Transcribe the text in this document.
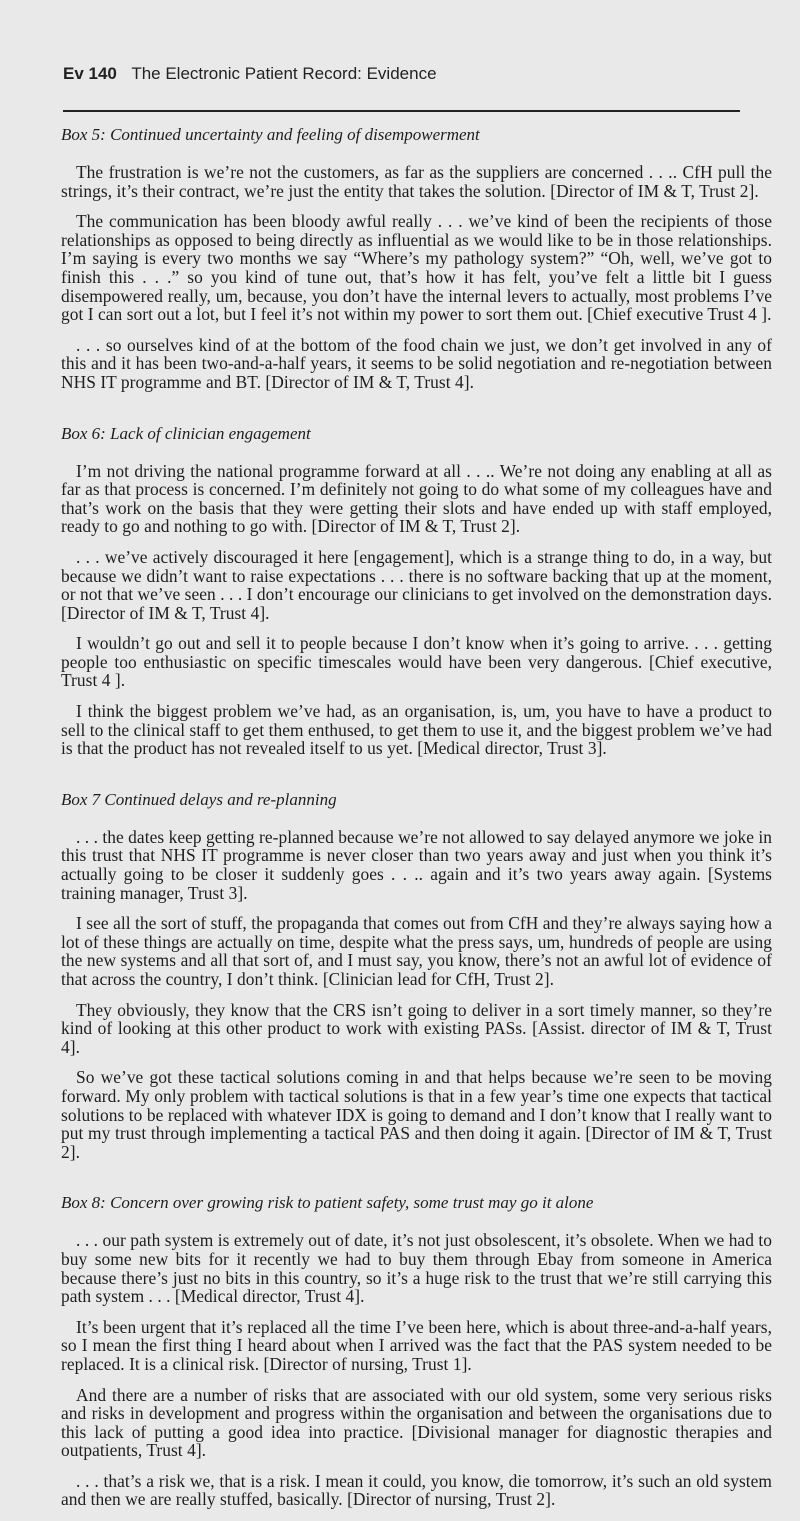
Ev 140 The Electronic Patient Record: Evidence

Box 5: Continued uncertainty and feeling of disempowerment

The frustration is we’re not the customers, as far as the suppliers are concerned . . .. CfH pull the strings, it’s their contract, we’re just the entity that takes the solution. [Director of IM & T, Trust 2].

The communication has been bloody awful really . . . we’ve kind of been the recipients of those relationships as opposed to being directly as influential as we would like to be in those relationships. I’m saying is every two months we say “Where’s my pathology system?” “Oh, well, we’ve got to finish this . . .” so you kind of tune out, that’s how it has felt, you’ve felt a little bit I guess disempowered really, um, because, you don’t have the internal levers to actually, most problems I’ve got I can sort out a lot, but I feel it’s not within my power to sort them out. [Chief executive Trust 4 ].

. . . so ourselves kind of at the bottom of the food chain we just, we don’t get involved in any of this and it has been two-and-a-half years, it seems to be solid negotiation and re-negotiation between NHS IT programme and BT. [Director of IM & T, Trust 4].

Box 6: Lack of clinician engagement

I’m not driving the national programme forward at all . . .. We’re not doing any enabling at all as far as that process is concerned. I’m definitely not going to do what some of my colleagues have and that’s work on the basis that they were getting their slots and have ended up with staff employed, ready to go and nothing to go with. [Director of IM & T, Trust 2].

. . . we’ve actively discouraged it here [engagement], which is a strange thing to do, in a way, but because we didn’t want to raise expectations . . . there is no software backing that up at the moment, or not that we’ve seen . . . I don’t encourage our clinicians to get involved on the demonstration days. [Director of IM & T, Trust 4].

I wouldn’t go out and sell it to people because I don’t know when it’s going to arrive. . . . getting people too enthusiastic on specific timescales would have been very dangerous. [Chief executive, Trust 4 ].

I think the biggest problem we’ve had, as an organisation, is, um, you have to have a product to sell to the clinical staff to get them enthused, to get them to use it, and the biggest problem we’ve had is that the product has not revealed itself to us yet. [Medical director, Trust 3].

Box 7 Continued delays and re-planning

. . . the dates keep getting re-planned because we’re not allowed to say delayed anymore we joke in this trust that NHS IT programme is never closer than two years away and just when you think it’s actually going to be closer it suddenly goes . . .. again and it’s two years away again. [Systems training manager, Trust 3].

I see all the sort of stuff, the propaganda that comes out from CfH and they’re always saying how a lot of these things are actually on time, despite what the press says, um, hundreds of people are using the new systems and all that sort of, and I must say, you know, there’s not an awful lot of evidence of that across the country, I don’t think. [Clinician lead for CfH, Trust 2].

They obviously, they know that the CRS isn’t going to deliver in a sort timely manner, so they’re kind of looking at this other product to work with existing PASs. [Assist. director of IM & T, Trust 4].

So we’ve got these tactical solutions coming in and that helps because we’re seen to be moving forward. My only problem with tactical solutions is that in a few year’s time one expects that tactical solutions to be replaced with whatever IDX is going to demand and I don’t know that I really want to put my trust through implementing a tactical PAS and then doing it again. [Director of IM & T, Trust 2].

Box 8: Concern over growing risk to patient safety, some trust may go it alone

. . . our path system is extremely out of date, it’s not just obsolescent, it’s obsolete. When we had to buy some new bits for it recently we had to buy them through Ebay from someone in America because there’s just no bits in this country, so it’s a huge risk to the trust that we’re still carrying this path system . . . [Medical director, Trust 4].

It’s been urgent that it’s replaced all the time I’ve been here, which is about three-and-a-half years, so I mean the first thing I heard about when I arrived was the fact that the PAS system needed to be replaced. It is a clinical risk. [Director of nursing, Trust 1].

And there are a number of risks that are associated with our old system, some very serious risks and risks in development and progress within the organisation and between the organisations due to this lack of putting a good idea into practice. [Divisional manager for diagnostic therapies and outpatients, Trust 4].

. . . that’s a risk we, that is a risk. I mean it could, you know, die tomorrow, it’s such an old system and then we are really stuffed, basically. [Director of nursing, Trust 2].
